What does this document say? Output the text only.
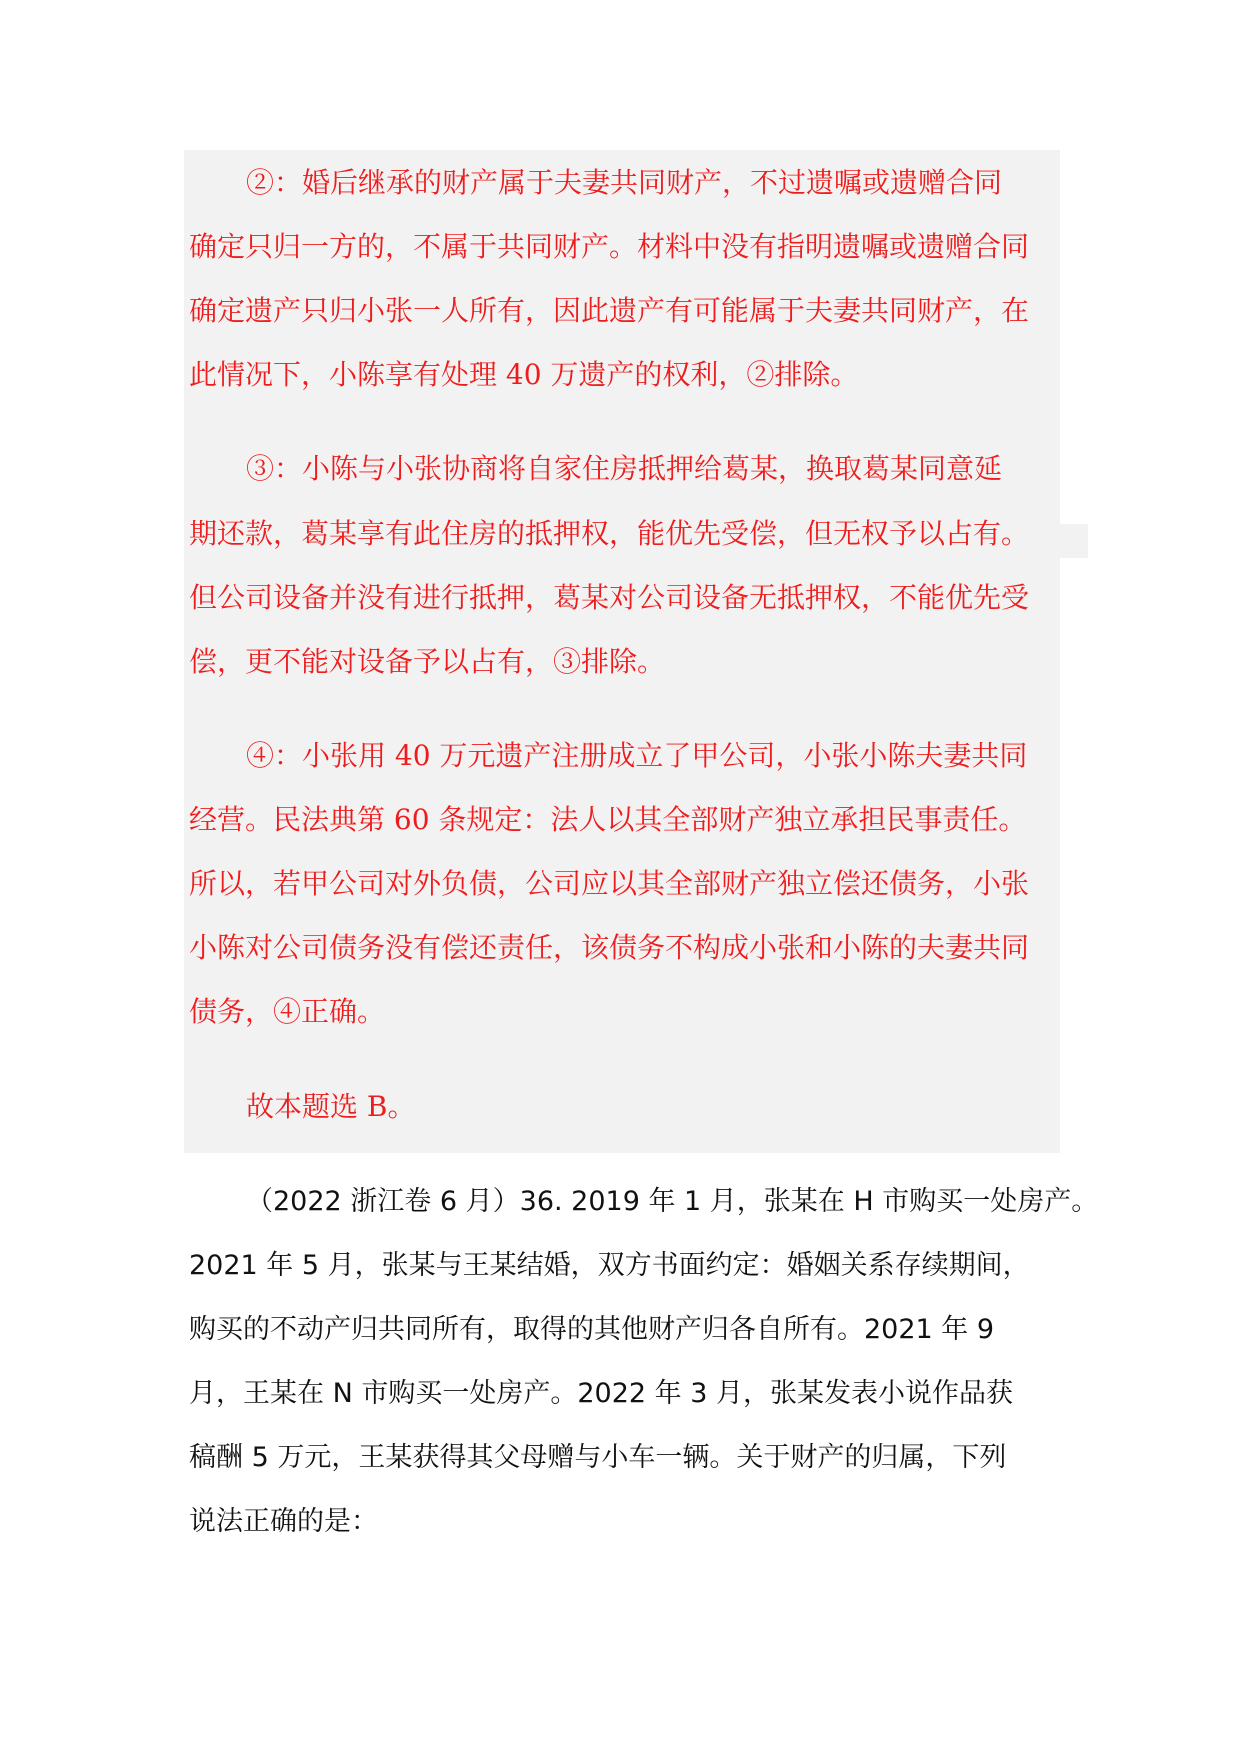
②：婚后继承的财产属于夫妻共同财产，不过遗嘱或遗赠合同

确定只归一方的，不属于共同财产。材料中没有指明遗嘱或遗赠合同

确定遗产只归小张一人所有，因此遗产有可能属于夫妻共同财产，在

此情况下，小陈享有处理 40 万遗产的权利，②排除。

③：小陈与小张协商将自家住房抵押给葛某，换取葛某同意延

期还款，葛某享有此住房的抵押权，能优先受偿，但无权予以占有。

但公司设备并没有进行抵押，葛某对公司设备无抵押权，不能优先受

偿，更不能对设备予以占有，③排除。

④：小张用 40 万元遗产注册成立了甲公司，小张小陈夫妻共同

经营。民法典第 60 条规定：法人以其全部财产独立承担民事责任。

所以，若甲公司对外负债，公司应以其全部财产独立偿还债务，小张

小陈对公司债务没有偿还责任，该债务不构成小张和小陈的夫妻共同

债务，④正确。

故本题选 B。

（2022 浙江卷 6 月）36. 2019 年 1 月，张某在 H 市购买一处房产。

2021 年 5 月，张某与王某结婚，双方书面约定：婚姻关系存续期间，

购买的不动产归共同所有，取得的其他财产归各自所有。2021 年 9

月，王某在 N 市购买一处房产。2022 年 3 月，张某发表小说作品获

稿酬 5 万元，王某获得其父母赠与小车一辆。关于财产的归属，下列

说法正确的是：
